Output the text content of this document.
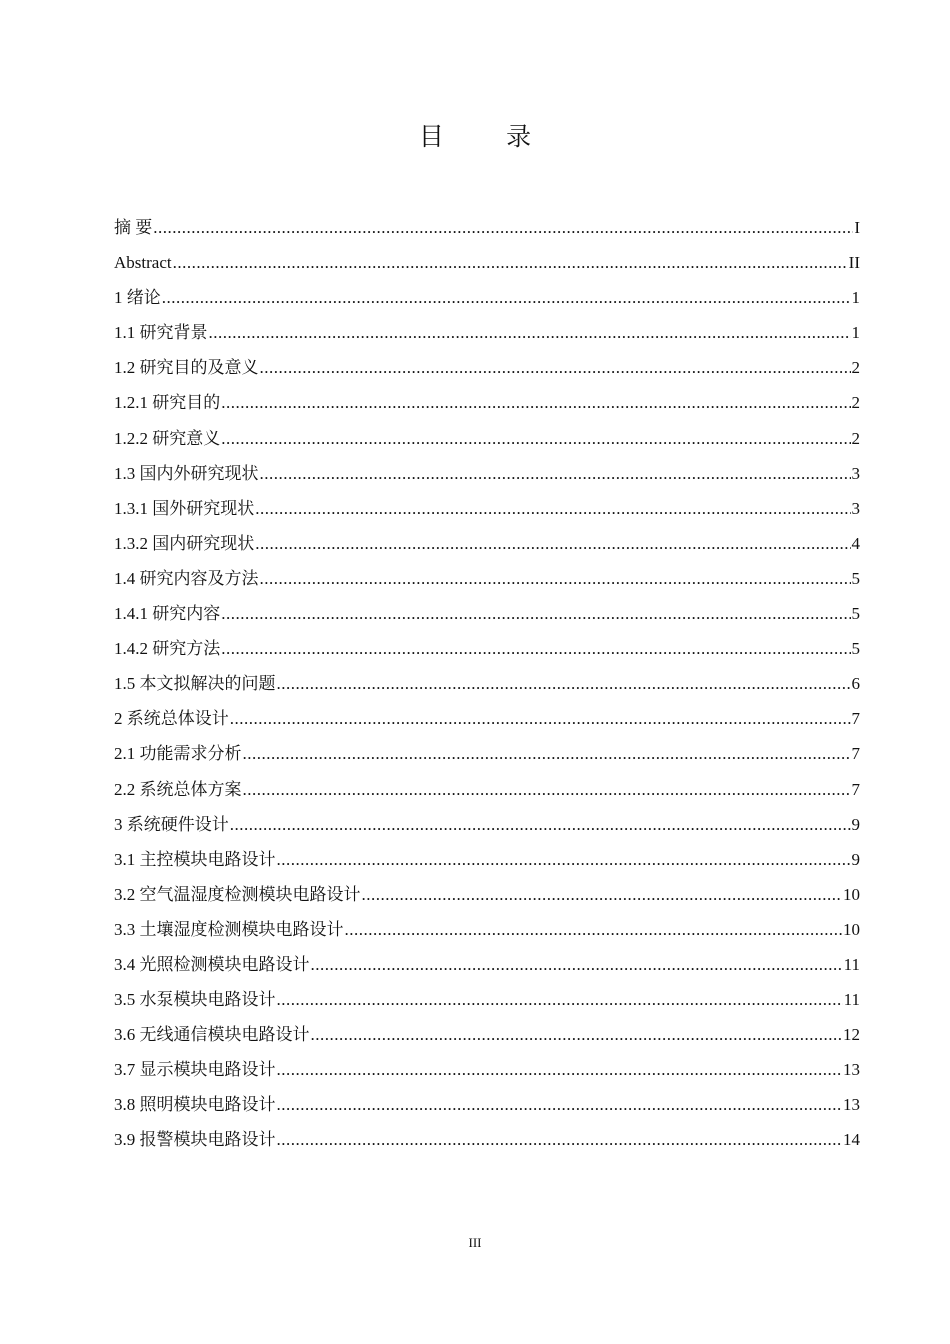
目 录
摘 要 .....	I
Abstract .....	II
1 绪论 .....	1
1.1 研究背景 .....	1
1.2 研究目的及意义 .....	2
1.2.1 研究目的 .....	2
1.2.2 研究意义 .....	2
1.3 国内外研究现状 .....	3
1.3.1 国外研究现状 .....	3
1.3.2 国内研究现状 .....	4
1.4 研究内容及方法 .....	5
1.4.1 研究内容 .....	5
1.4.2 研究方法 .....	5
1.5 本文拟解决的问题 .....	6
2 系统总体设计 .....	7
2.1 功能需求分析 .....	7
2.2 系统总体方案 .....	7
3 系统硬件设计 .....	9
3.1 主控模块电路设计 .....	9
3.2 空气温湿度检测模块电路设计 .....	10
3.3 土壤湿度检测模块电路设计 .....	10
3.4 光照检测模块电路设计 .....	11
3.5 水泵模块电路设计 .....	11
3.6 无线通信模块电路设计 .....	12
3.7 显示模块电路设计 .....	13
3.8 照明模块电路设计 .....	13
3.9 报警模块电路设计 .....	14
III
